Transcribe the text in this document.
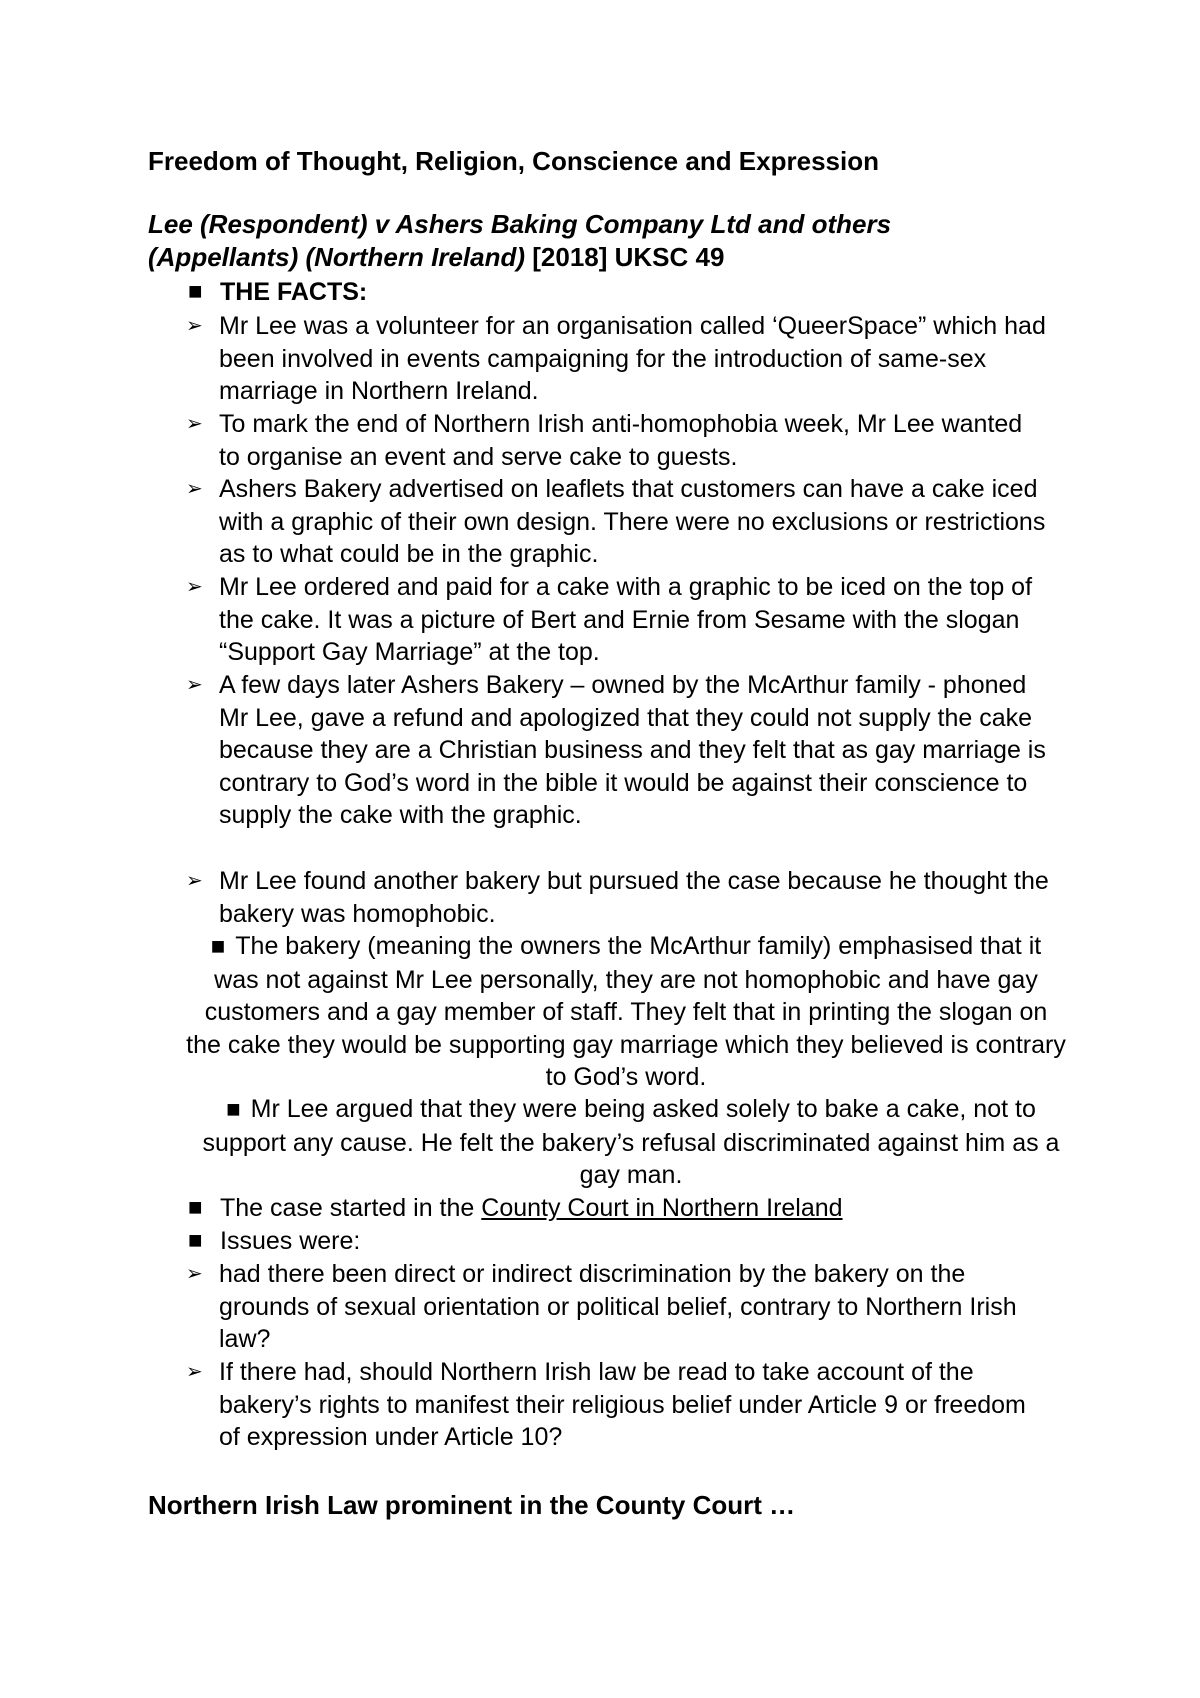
Freedom of Thought, Religion, Conscience and Expression
Lee (Respondent) v Ashers Baking Company Ltd and others
(Appellants) (Northern Ireland) [2018] UKSC 49
■ THE FACTS:
➢ Mr Lee was a volunteer for an organisation called ‘QueerSpace” which had been involved in events campaigning for the introduction of same-sex marriage in Northern Ireland.
➢ To mark the end of Northern Irish anti-homophobia week, Mr Lee wanted to organise an event and serve cake to guests.
➢ Ashers Bakery advertised on leaflets that customers can have a cake iced with a graphic of their own design. There were no exclusions or restrictions as to what could be in the graphic.
➢ Mr Lee ordered and paid for a cake with a graphic to be iced on the top of the cake. It was a picture of Bert and Ernie from Sesame with the slogan “Support Gay Marriage” at the top.
➢ A few days later Ashers Bakery – owned by the McArthur family - phoned Mr Lee, gave a refund and apologized that they could not supply the cake because they are a Christian business and they felt that as gay marriage is contrary to God’s word in the bible it would be against their conscience to supply the cake with the graphic.
➢ Mr Lee found another bakery but pursued the case because he thought the bakery was homophobic.
■ The bakery (meaning the owners the McArthur family) emphasised that it was not against Mr Lee personally, they are not homophobic and have gay customers and a gay member of staff. They felt that in printing the slogan on the cake they would be supporting gay marriage which they believed is contrary to God’s word.
■ Mr Lee argued that they were being asked solely to bake a cake, not to support any cause. He felt the bakery’s refusal discriminated against him as a gay man.
■ The case started in the County Court in Northern Ireland
■ Issues were:
➢ had there been direct or indirect discrimination by the bakery on the grounds of sexual orientation or political belief, contrary to Northern Irish law?
➢ If there had, should Northern Irish law be read to take account of the bakery’s rights to manifest their religious belief under Article 9 or freedom of expression under Article 10?
Northern Irish Law prominent in the County Court …
